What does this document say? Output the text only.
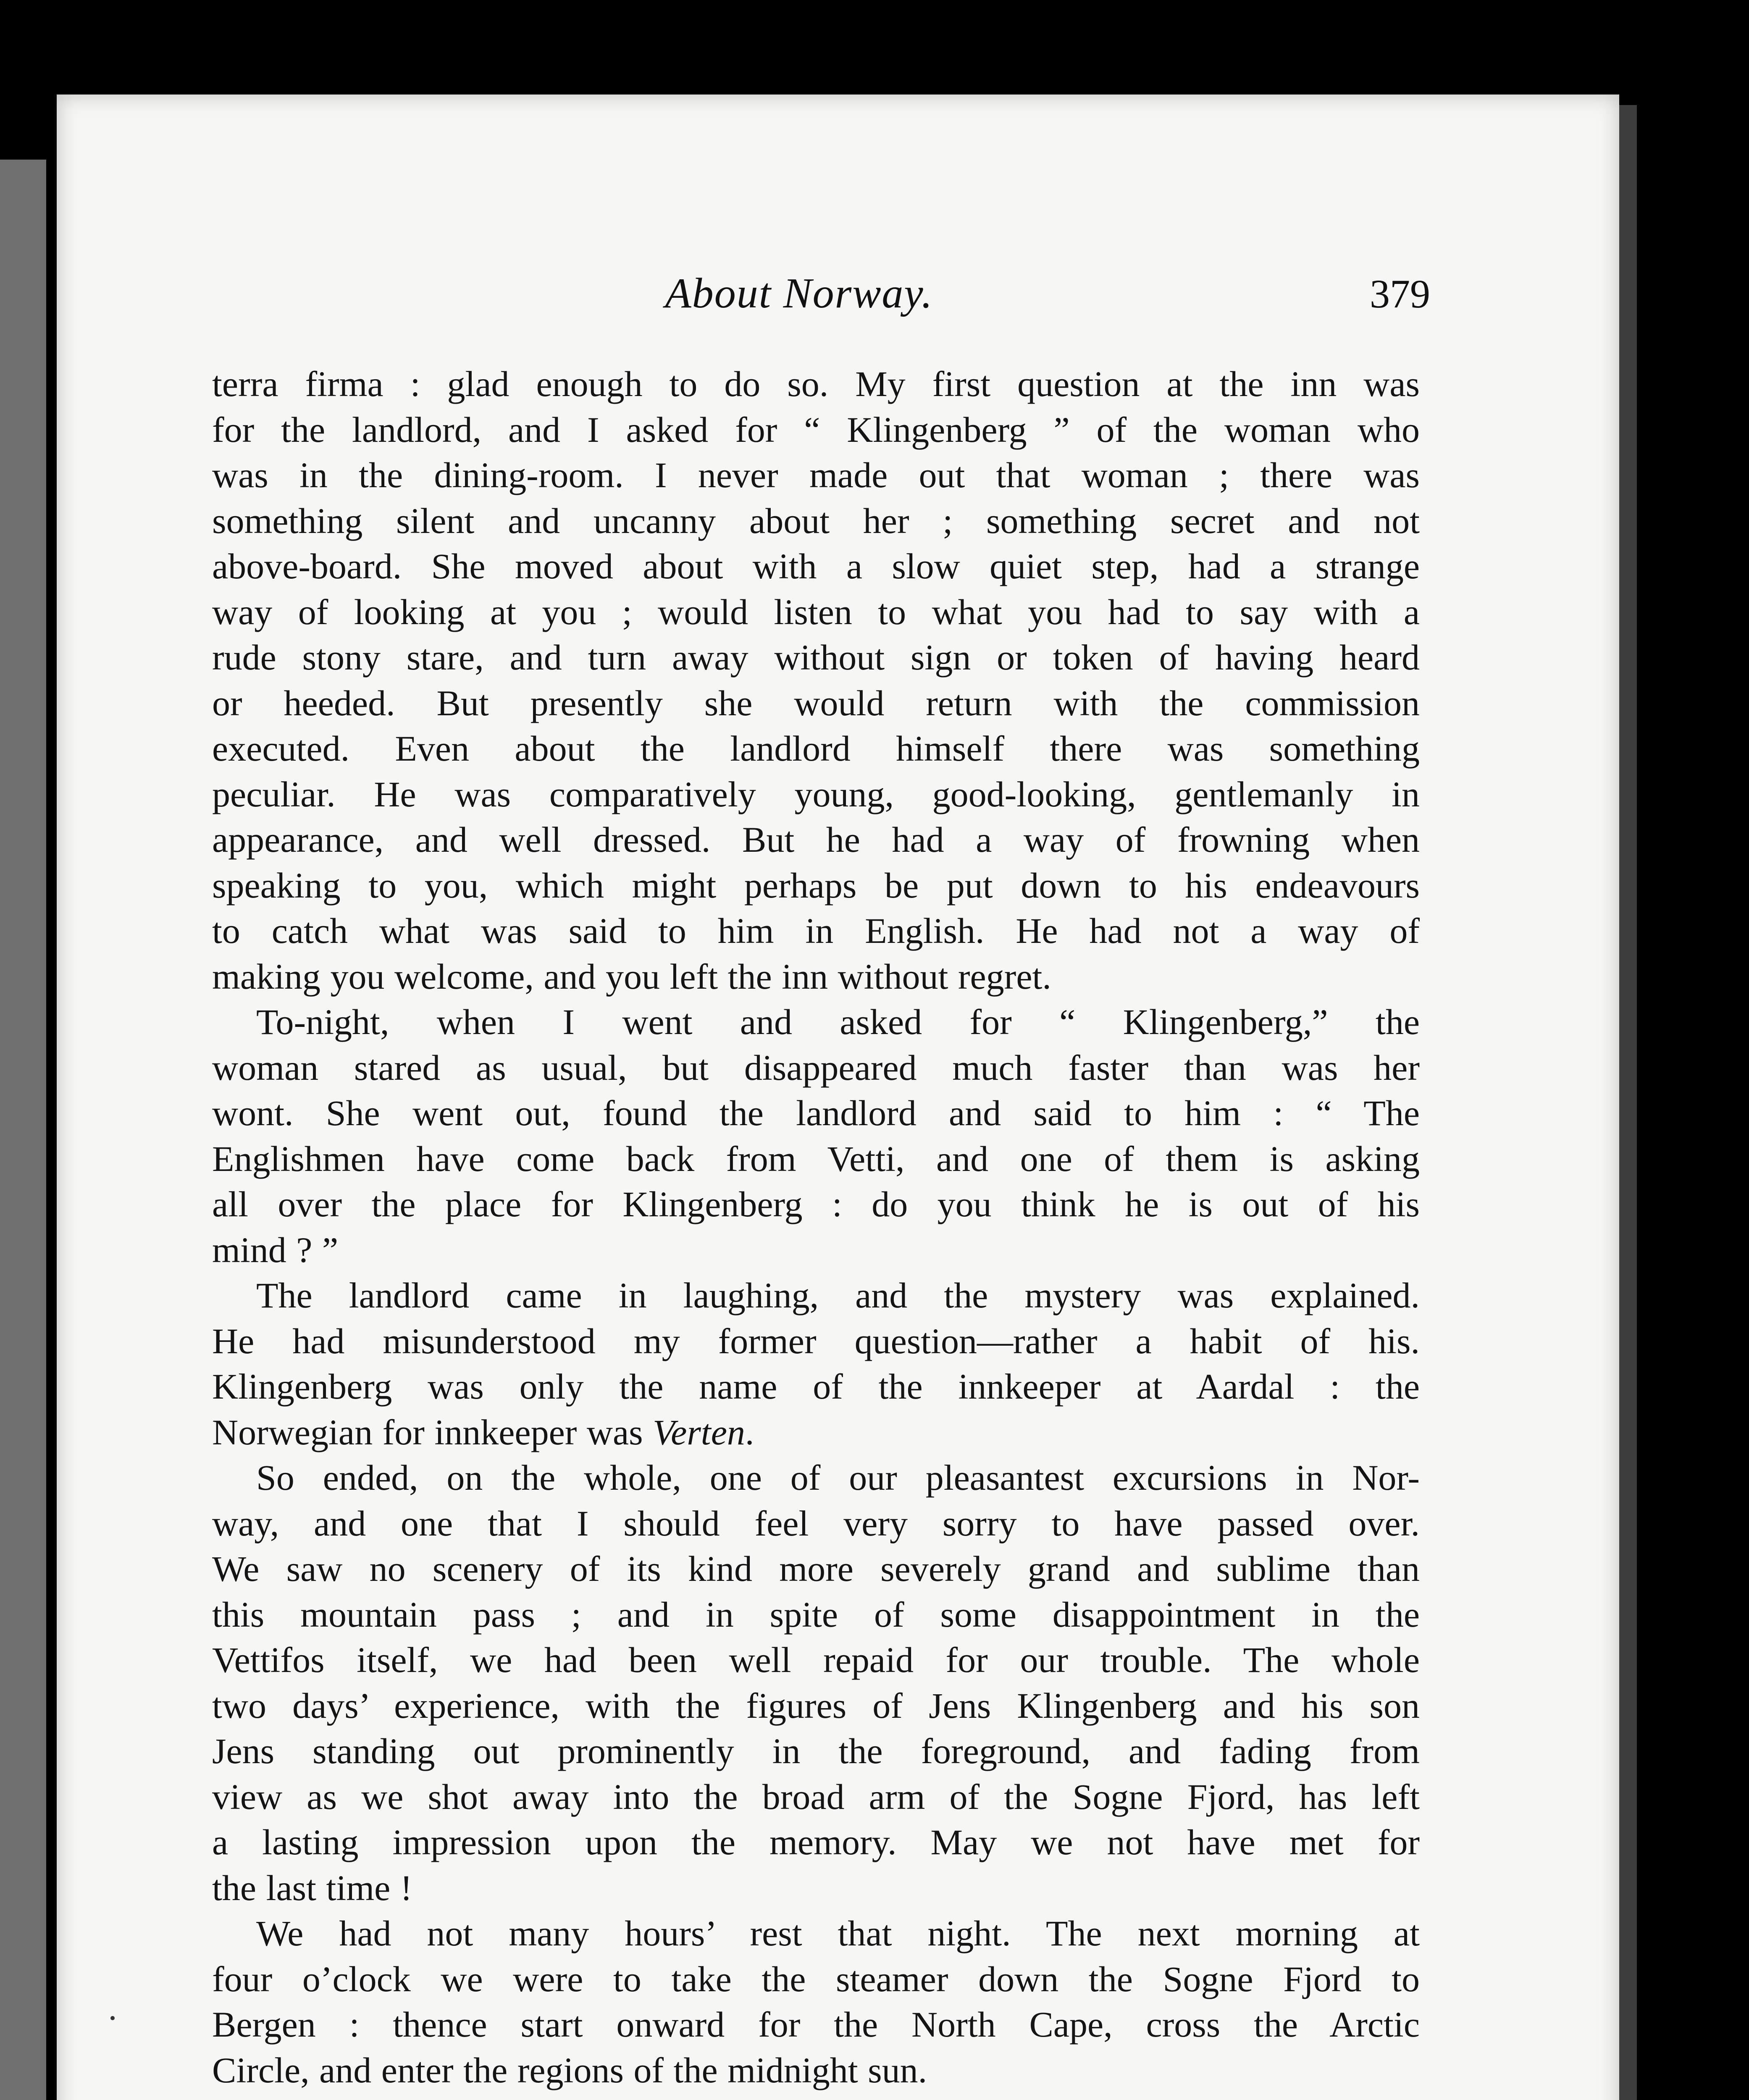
About Norway.	379

terra firma : glad enough to do so. My first question at the inn was
for the landlord, and I asked for “ Klingenberg ” of the woman who
was in the dining-room. I never made out that woman ; there was
something silent and uncanny about her ; something secret and not
above-board. She moved about with a slow quiet step, had a strange
way of looking at you ; would listen to what you had to say with a
rude stony stare, and turn away without sign or token of having heard
or heeded. But presently she would return with the commission
executed. Even about the landlord himself there was something
peculiar. He was comparatively young, good-looking, gentlemanly in
appearance, and well dressed. But he had a way of frowning when
speaking to you, which might perhaps be put down to his endeavours
to catch what was said to him in English. He had not a way of
making you welcome, and you left the inn without regret.

To-night, when I went and asked for “ Klingenberg,” the
woman stared as usual, but disappeared much faster than was her
wont. She went out, found the landlord and said to him : “ The
Englishmen have come back from Vetti, and one of them is asking
all over the place for Klingenberg : do you think he is out of his
mind ? ”

The landlord came in laughing, and the mystery was explained.
He had misunderstood my former question—rather a habit of his.
Klingenberg was only the name of the innkeeper at Aardal : the
Norwegian for innkeeper was Verten.

So ended, on the whole, one of our pleasantest excursions in Nor-
way, and one that I should feel very sorry to have passed over.
We saw no scenery of its kind more severely grand and sublime than
this mountain pass ; and in spite of some disappointment in the
Vettifos itself, we had been well repaid for our trouble. The whole
two days’ experience, with the figures of Jens Klingenberg and his son
Jens standing out prominently in the foreground, and fading from
view as we shot away into the broad arm of the Sogne Fjord, has left
a lasting impression upon the memory. May we not have met for
the last time !

We had not many hours’ rest that night. The next morning at
four o’clock we were to take the steamer down the Sogne Fjord to
Bergen : thence start onward for the North Cape, cross the Arctic
Circle, and enter the regions of the midnight sun.
